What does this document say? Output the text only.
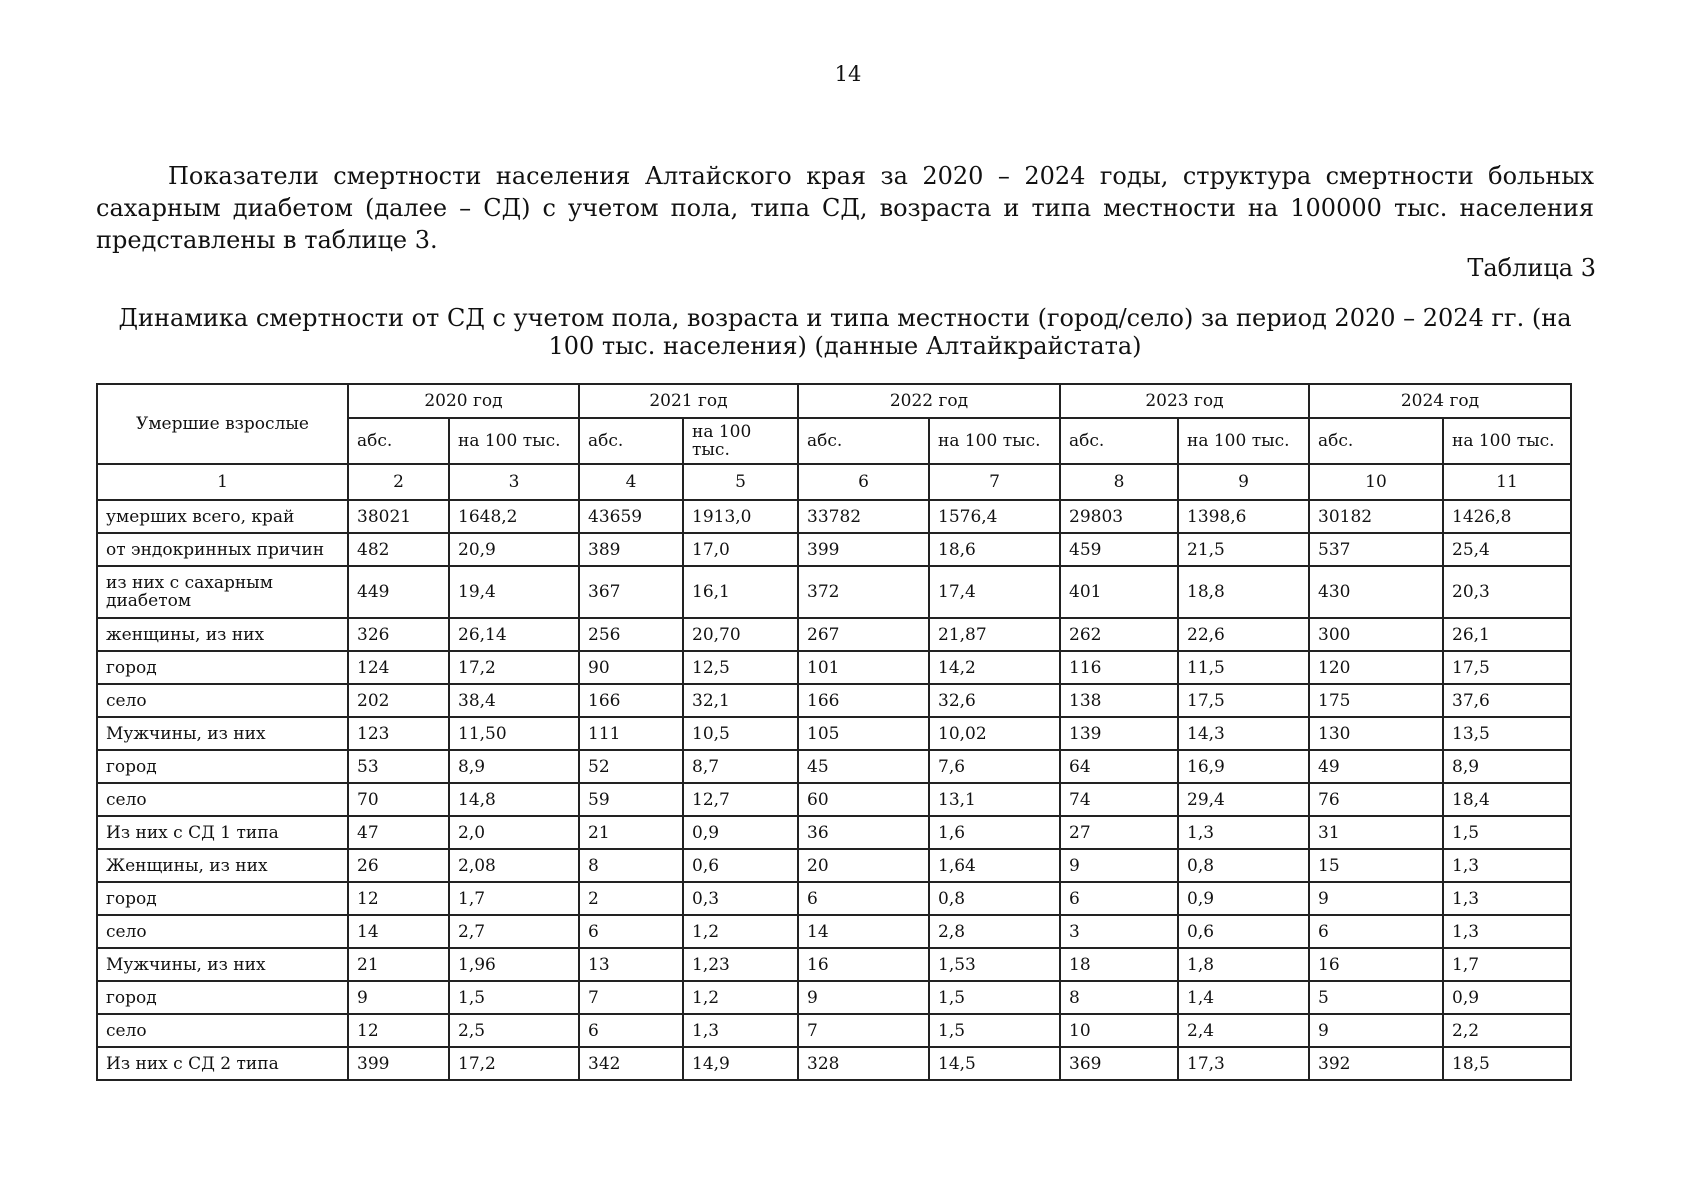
14

Показатели смертности населения Алтайского края за 2020 – 2024 годы, структура смертности больных сахарным диабетом (далее – СД) с учетом пола, типа СД, возраста и типа местности на 100000 тыс. населения представлены в таблице 3.

Таблица 3

Динамика смертности от СД с учетом пола, возраста и типа местности (город/село) за период 2020 – 2024 гг. (на 100 тыс. населения) (данные Алтайкрайстата)

Умершие взрослые	2020 год		2021 год		2022 год		2023 год		2024 год	
	абс.	на 100 тыс.	абс.	на 100 тыс.	абс.	на 100 тыс.	абс.	на 100 тыс.	абс.	на 100 тыс.
1	2	3	4	5	6	7	8	9	10	11
умерших всего, край	38021	1648,2	43659	1913,0	33782	1576,4	29803	1398,6	30182	1426,8
от эндокринных причин	482	20,9	389	17,0	399	18,6	459	21,5	537	25,4
из них с сахарным диабетом	449	19,4	367	16,1	372	17,4	401	18,8	430	20,3
женщины, из них	326	26,14	256	20,70	267	21,87	262	22,6	300	26,1
город	124	17,2	90	12,5	101	14,2	116	11,5	120	17,5
село	202	38,4	166	32,1	166	32,6	138	17,5	175	37,6
Мужчины, из них	123	11,50	111	10,5	105	10,02	139	14,3	130	13,5
город	53	8,9	52	8,7	45	7,6	64	16,9	49	8,9
село	70	14,8	59	12,7	60	13,1	74	29,4	76	18,4
Из них с СД 1 типа	47	2,0	21	0,9	36	1,6	27	1,3	31	1,5
Женщины, из них	26	2,08	8	0,6	20	1,64	9	0,8	15	1,3
город	12	1,7	2	0,3	6	0,8	6	0,9	9	1,3
село	14	2,7	6	1,2	14	2,8	3	0,6	6	1,3
Мужчины, из них	21	1,96	13	1,23	16	1,53	18	1,8	16	1,7
город	9	1,5	7	1,2	9	1,5	8	1,4	5	0,9
село	12	2,5	6	1,3	7	1,5	10	2,4	9	2,2
Из них с СД 2 типа	399	17,2	342	14,9	328	14,5	369	17,3	392	18,5
